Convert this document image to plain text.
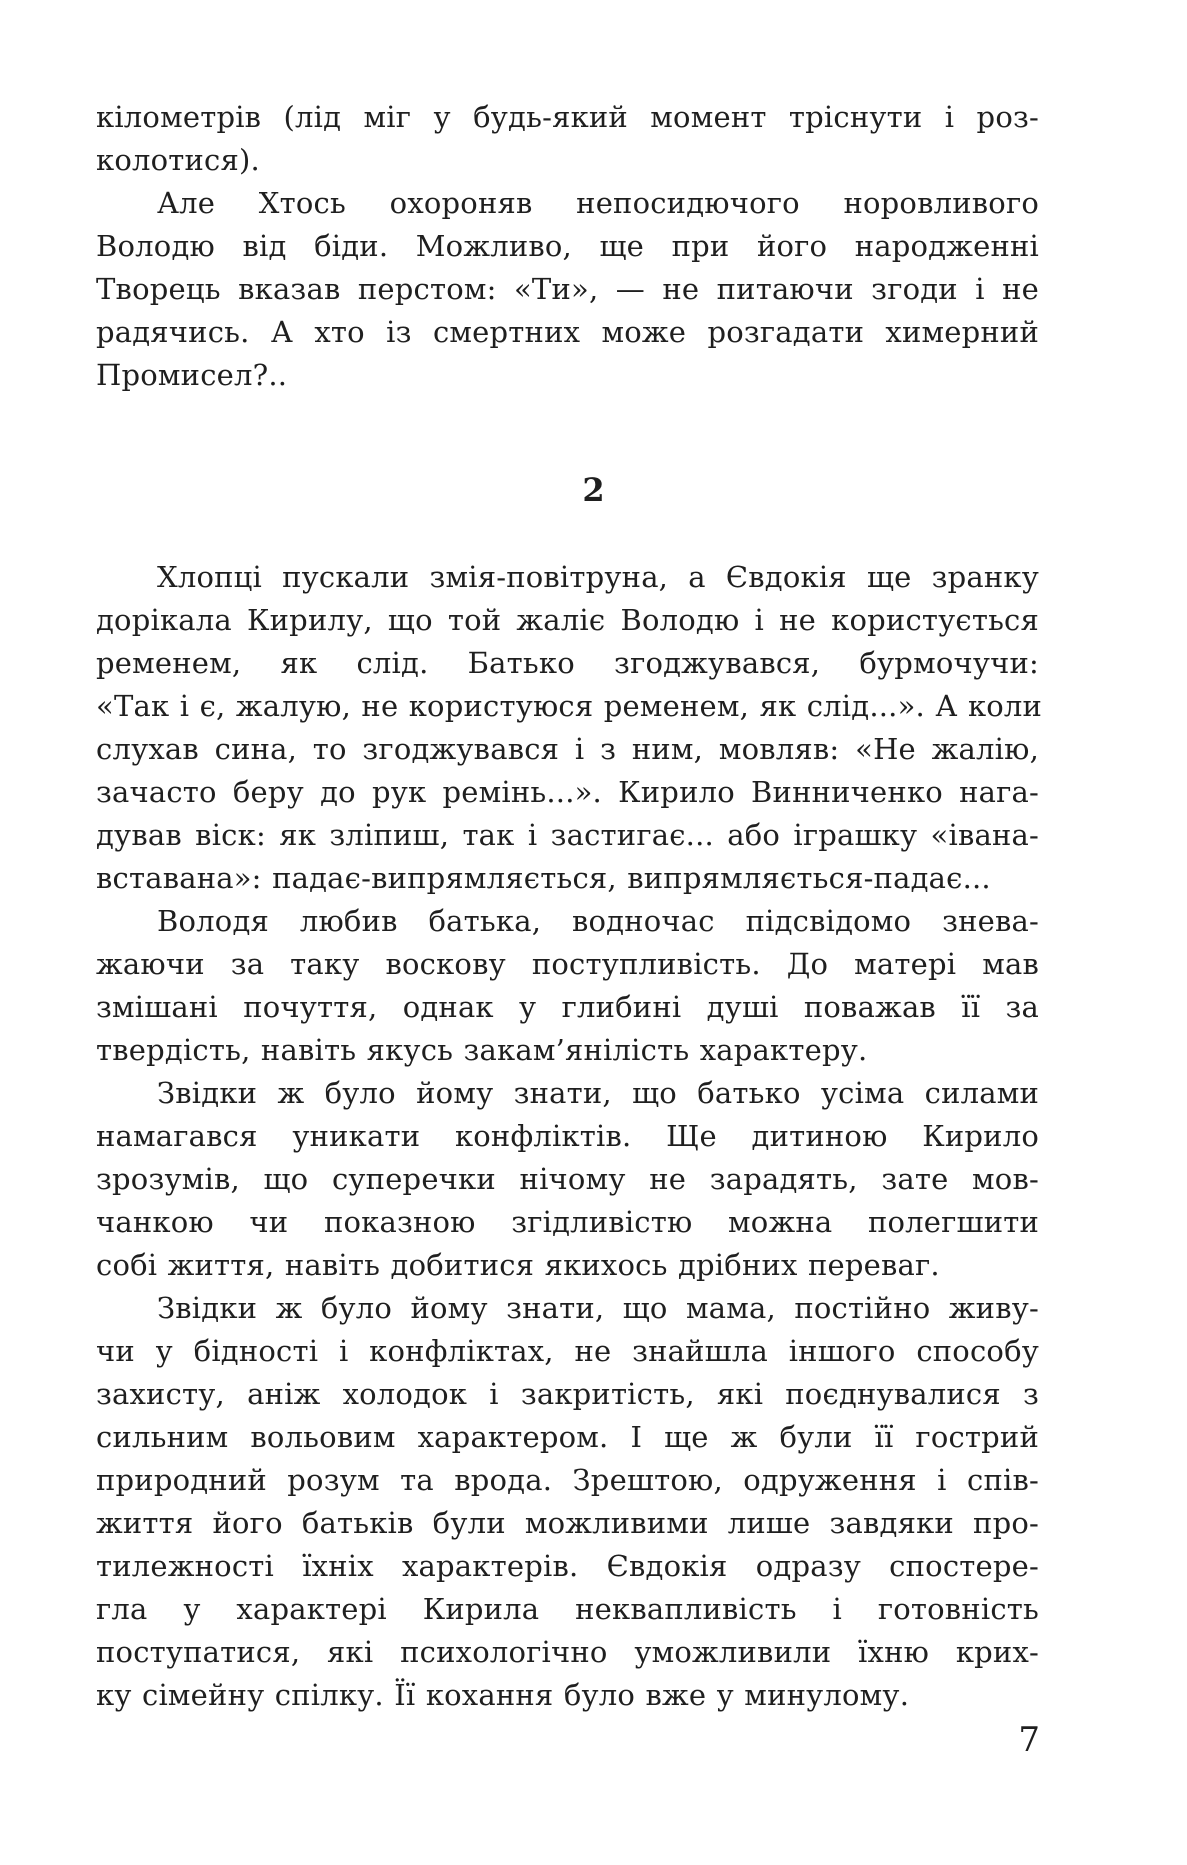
кілометрів (лід міг у будь-який момент тріснути і роз-
колотися).
Але Хтось охороняв непосидючого норовливого
Володю від біди. Можливо, ще при його народженні
Творець вказав перстом: «Ти», — не питаючи згоди і не
радячись. А хто із смертних може розгадати химерний
Промисел?..
2
Хлопці пускали змія-повітруна, а Євдокія ще зранку
дорікала Кирилу, що той жаліє Володю і не користується
ременем, як слід. Батько згоджувався, бурмочучи:
«Так і є, жалую, не користуюся ременем, як слід...». А коли
слухав сина, то згоджувався і з ним, мовляв: «Не жалію,
зачасто беру до рук ремінь...». Кирило Винниченко нага-
дував віск: як зліпиш, так і застигає... або іграшку «івана-
вставана»: падає-випрямляється, випрямляється-падає...
Володя любив батька, водночас підсвідомо знева-
жаючи за таку воскову поступливість. До матері мав
змішані почуття, однак у глибині душі поважав її за
твердість, навіть якусь закам’янілість характеру.
Звідки ж було йому знати, що батько усіма силами
намагався уникати конфліктів. Ще дитиною Кирило
зрозумів, що суперечки нічому не зарадять, зате мов-
чанкою чи показною згідливістю можна полегшити
собі життя, навіть добитися якихось дрібних переваг.
Звідки ж було йому знати, що мама, постійно живу-
чи у бідності і конфліктах, не знайшла іншого способу
захисту, аніж холодок і закритість, які поєднувалися з
сильним вольовим характером. І ще ж були її гострий
природний розум та врода. Зрештою, одруження і спів-
життя його батьків були можливими лише завдяки про-
тилежності їхніх характерів. Євдокія одразу спостере-
гла у характері Кирила неквапливість і готовність
поступатися, які психологічно уможливили їхню крих-
ку сімейну спілку. Її кохання було вже у минулому.
7
